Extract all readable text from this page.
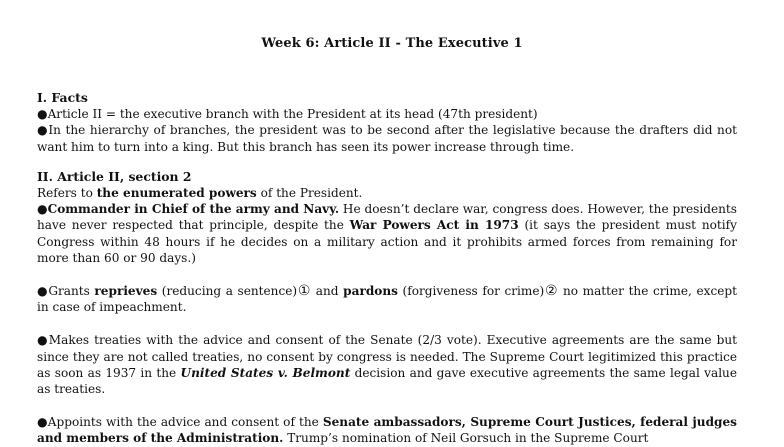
Week 6: Article II - The Executive 1

I. Facts

●Article II = the executive branch with the President at its head (47th president)

●In the hierarchy of branches, the president was to be second after the legislative because the drafters did not want him to turn into a king. But this branch has seen its power increase through time.

II. Article II, section 2

Refers to the enumerated powers of the President.

●Commander in Chief of the army and Navy. He doesn’t declare war, congress does. However, the presidents have never respected that principle, despite the War Powers Act in 1973 (it says the president must notify Congress within 48 hours if he decides on a military action and it prohibits armed forces from remaining for more than 60 or 90 days.)

●Grants reprieves (reducing a sentence)① and pardons (forgiveness for crime)② no matter the crime, except in case of impeachment.

●Makes treaties with the advice and consent of the Senate (2/3 vote). Executive agreements are the same but since they are not called treaties, no consent by congress is needed. The Supreme Court legitimized this practice as soon as 1937 in the United States v. Belmont decision and gave executive agreements the same legal value as treaties.

●Appoints with the advice and consent of the Senate ambassadors, Supreme Court Justices, federal judges and members of the Administration. Trump’s nomination of Neil Gorsuch in the Supreme Court
